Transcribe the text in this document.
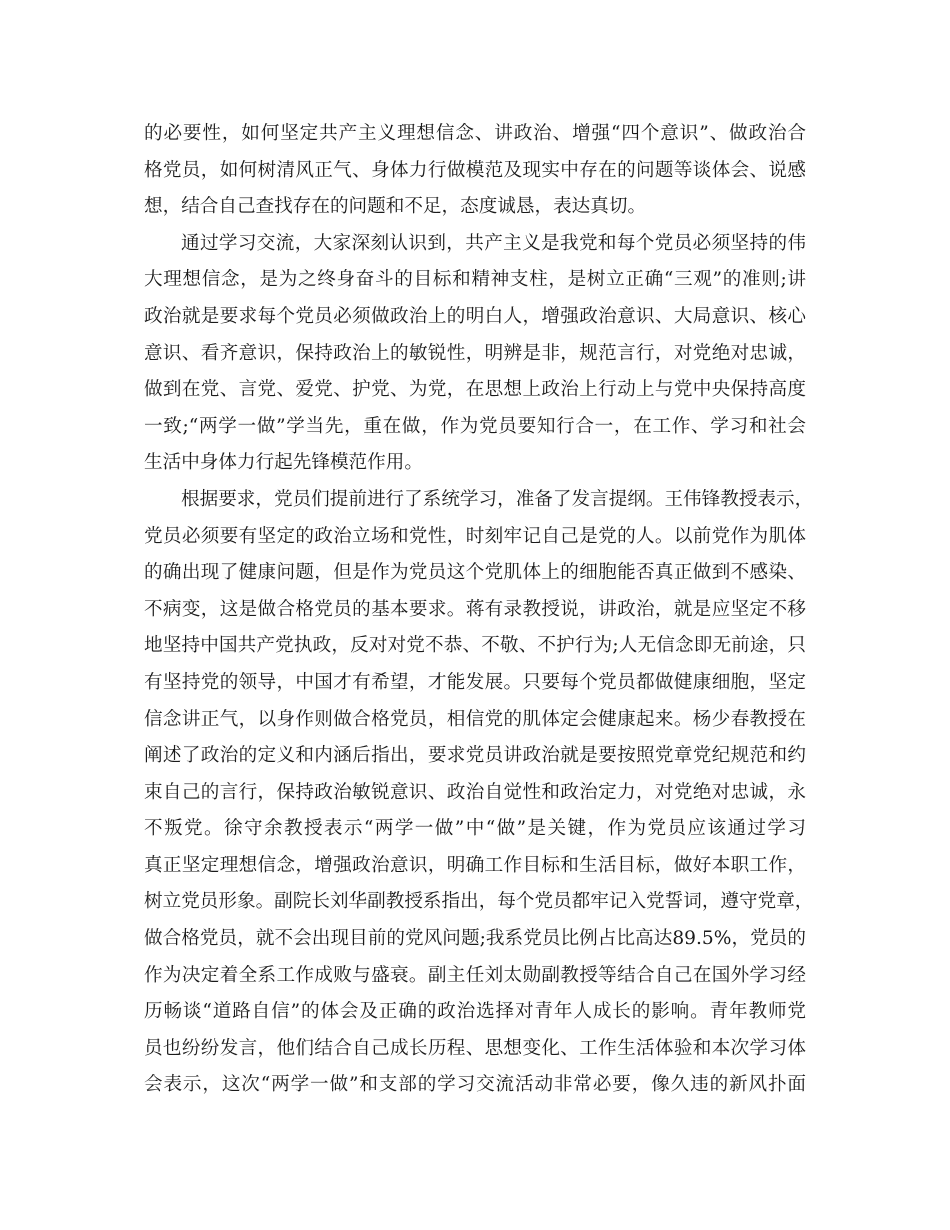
的必要性，如何坚定共产主义理想信念、讲政治、增强“四个意识”、做政治合
格党员，如何树清风正气、身体力行做模范及现实中存在的问题等谈体会、说感
想，结合自己查找存在的问题和不足，态度诚恳，表达真切。
通过学习交流，大家深刻认识到，共产主义是我党和每个党员必须坚持的伟
大理想信念，是为之终身奋斗的目标和精神支柱，是树立正确“三观”的准则;讲
政治就是要求每个党员必须做政治上的明白人，增强政治意识、大局意识、核心
意识、看齐意识，保持政治上的敏锐性，明辨是非，规范言行，对党绝对忠诚，
做到在党、言党、爱党、护党、为党，在思想上政治上行动上与党中央保持高度
一致;“两学一做”学当先，重在做，作为党员要知行合一，在工作、学习和社会
生活中身体力行起先锋模范作用。
根据要求，党员们提前进行了系统学习，准备了发言提纲。王伟锋教授表示，
党员必须要有坚定的政治立场和党性，时刻牢记自己是党的人。以前党作为肌体
的确出现了健康问题，但是作为党员这个党肌体上的细胞能否真正做到不感染、
不病变，这是做合格党员的基本要求。蒋有录教授说，讲政治，就是应坚定不移
地坚持中国共产党执政，反对对党不恭、不敬、不护行为;人无信念即无前途，只
有坚持党的领导，中国才有希望，才能发展。只要每个党员都做健康细胞，坚定
信念讲正气，以身作则做合格党员，相信党的肌体定会健康起来。杨少春教授在
阐述了政治的定义和内涵后指出，要求党员讲政治就是要按照党章党纪规范和约
束自己的言行，保持政治敏锐意识、政治自觉性和政治定力，对党绝对忠诚，永
不叛党。徐守余教授表示“两学一做”中“做”是关键，作为党员应该通过学习
真正坚定理想信念，增强政治意识，明确工作目标和生活目标，做好本职工作，
树立党员形象。副院长刘华副教授系指出，每个党员都牢记入党誓词，遵守党章，
做合格党员，就不会出现目前的党风问题;我系党员比例占比高达89.5%，党员的
作为决定着全系工作成败与盛衰。副主任刘太勋副教授等结合自己在国外学习经
历畅谈“道路自信”的体会及正确的政治选择对青年人成长的影响。青年教师党
员也纷纷发言，他们结合自己成长历程、思想变化、工作生活体验和本次学习体
会表示，这次“两学一做”和支部的学习交流活动非常必要，像久违的新风扑面
